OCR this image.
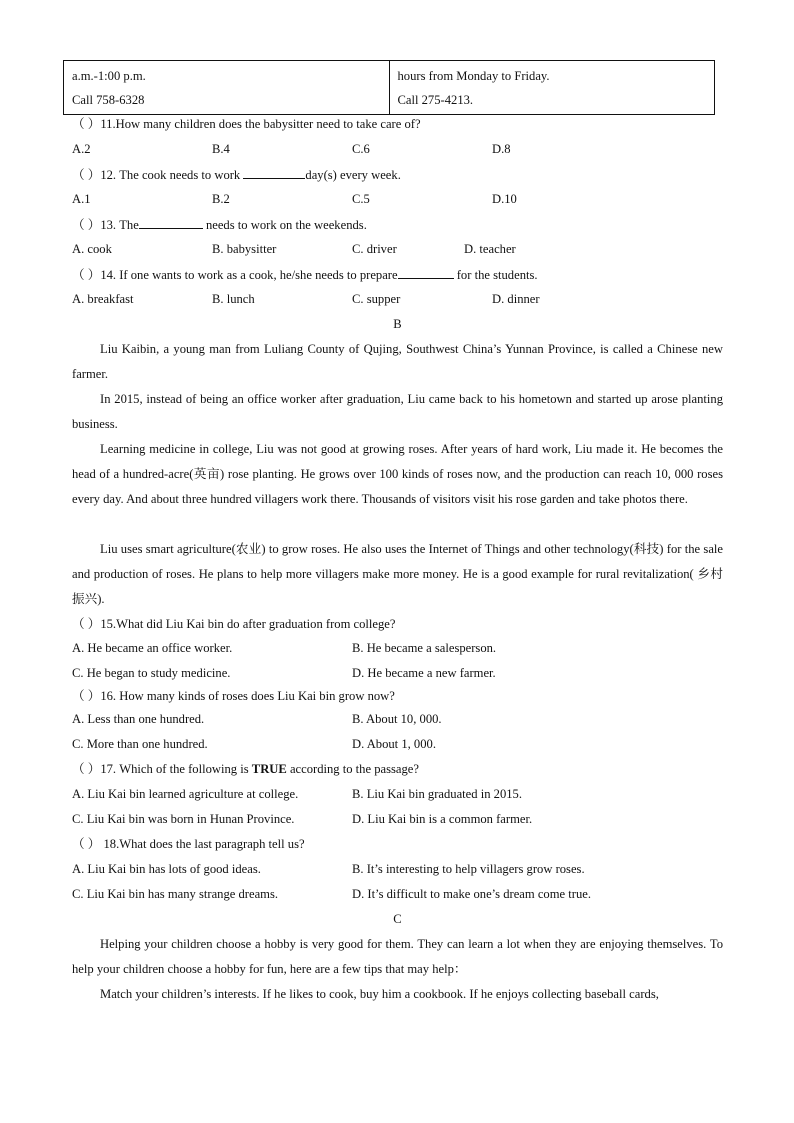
a.m.-1:00 p.m.
Call 758-6328

hours from Monday to Friday.
Call 275-4213.
（ ）11.How many children does the babysitter need to take care of?
A.2	B.4	C.6	D.8
（ ）12. The cook needs to work	day(s) every week.
A.1	B.2	C.5	D.10
（ ）13. The	needs to work on the weekends.
A. cook	B. babysitter	C. driver	D. teacher
（ ）14. If one wants to work as a cook, he/she needs to prepare	for the students.
A. breakfast	B. lunch	C. supper	D. dinner
B
Liu Kaibin, a young man from Luliang County of Qujing, Southwest China’s Yunnan Province, is called a Chinese new farmer.
In 2015, instead of being an office worker after graduation, Liu came back to his hometown and started up arose planting business.
Learning medicine in college, Liu was not good at growing roses. After years of hard work, Liu made it. He becomes the head of a hundred-acre(英亩) rose planting. He grows over 100 kinds of roses now, and the production can reach 10, 000 roses every day. And about three hundred villagers work there. Thousands of visitors visit his rose garden and take photos there.
Liu uses smart agriculture(农业) to grow roses. He also uses the Internet of Things and other technology(科技) for the sale and production of roses. He plans to help more villagers make more money. He is a good example for rural revitalization( 乡村振兴).
（ ）15.What did Liu Kai bin do after graduation from college?
A. He became an office worker.	B. He became a salesperson.
C. He began to study medicine.	D. He became a new farmer.
（ ）16. How many kinds of roses does Liu Kai bin grow now?
A. Less than one hundred.	B. About 10, 000.
C. More than one hundred.	D. About 1, 000.
（ ）17. Which of the following is TRUE according to the passage?
A. Liu Kai bin learned agriculture at college.	B. Liu Kai bin graduated in 2015.
C. Liu Kai bin was born in Hunan Province.	D. Liu Kai bin is a common farmer.
（ ） 18.What does the last paragraph tell us?
A. Liu Kai bin has lots of good ideas.	B. It’s interesting to help villagers grow roses.
C. Liu Kai bin has many strange dreams.	D. It’s difficult to make one’s dream come true.
C
Helping your children choose a hobby is very good for them. They can learn a lot when they are enjoying themselves. To help your children choose a hobby for fun, here are a few tips that may help：
Match your children’s interests. If he likes to cook, buy him a cookbook. If he enjoys collecting baseball cards,
